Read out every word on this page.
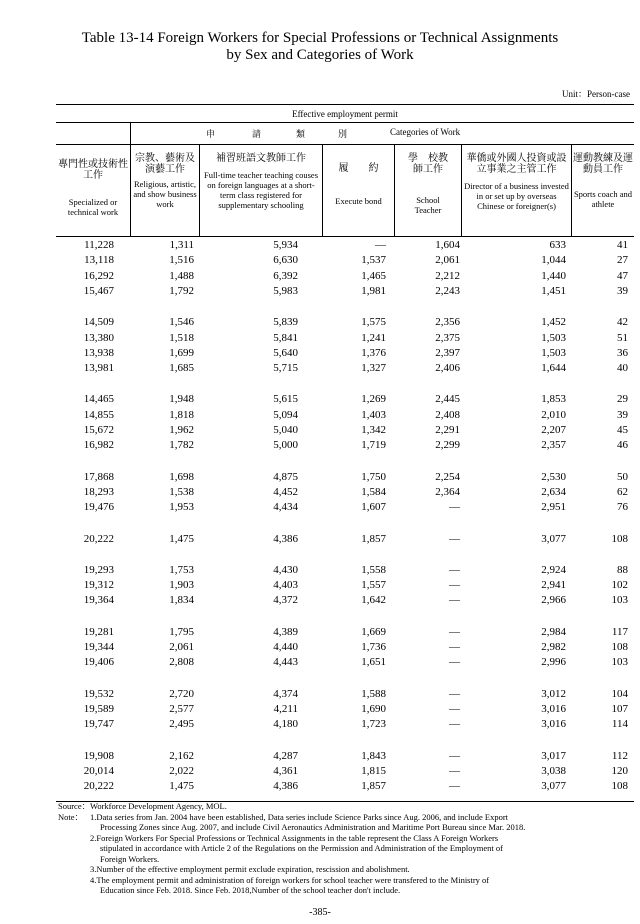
Table 13-14 Foreign Workers for Special Professions or Technical Assignments
by Sex and Categories of Work
Unit：Person-case
Effective employment permit
申	請	類	別	Categories of Work
專門性或技術性工作
Specialized or technical work
宗教、藝術及演藝工作
Religious, artistic, and show business work
補習班語文教師工作
Full-time teacher teaching couses on foreign languages at a short-term class registered for supplementary schooling
履　　約
Execute bond
學　校教師工作
School Teacher
華僑或外國人投資或設立事業之主管工作
Director of a business invested in or set up by overseas Chinese or foreigner(s)
運動教練及運動員工作
Sports coach and athlete
11,228	1,311	5,934	—	1,604	633	41
13,118	1,516	6,630	1,537	2,061	1,044	27
16,292	1,488	6,392	1,465	2,212	1,440	47
15,467	1,792	5,983	1,981	2,243	1,451	39
14,509	1,546	5,839	1,575	2,356	1,452	42
13,380	1,518	5,841	1,241	2,375	1,503	51
13,938	1,699	5,640	1,376	2,397	1,503	36
13,981	1,685	5,715	1,327	2,406	1,644	40
14,465	1,948	5,615	1,269	2,445	1,853	29
14,855	1,818	5,094	1,403	2,408	2,010	39
15,672	1,962	5,040	1,342	2,291	2,207	45
16,982	1,782	5,000	1,719	2,299	2,357	46
17,868	1,698	4,875	1,750	2,254	2,530	50
18,293	1,538	4,452	1,584	2,364	2,634	62
19,476	1,953	4,434	1,607	—	2,951	76
20,222	1,475	4,386	1,857	—	3,077	108
19,293	1,753	4,430	1,558	—	2,924	88
19,312	1,903	4,403	1,557	—	2,941	102
19,364	1,834	4,372	1,642	—	2,966	103
19,281	1,795	4,389	1,669	—	2,984	117
19,344	2,061	4,440	1,736	—	2,982	108
19,406	2,808	4,443	1,651	—	2,996	103
19,532	2,720	4,374	1,588	—	3,012	104
19,589	2,577	4,211	1,690	—	3,016	107
19,747	2,495	4,180	1,723	—	3,016	114
19,908	2,162	4,287	1,843	—	3,017	112
20,014	2,022	4,361	1,815	—	3,038	120
20,222	1,475	4,386	1,857	—	3,077	108
Source： Workforce Development Agency, MOL.
Note： 1.Data series from Jan. 2004 have been established, Data series include Science Parks since Aug. 2006, and include Export
Processing Zones since Aug. 2007, and include Civil Aeronautics Administration and Maritime Port Bureau since Mar. 2018.
2.Foreign Workers For Special Professions or Technical Assignments in the table represent the Class A Foreign Workers
stipulated in accordance with Article 2 of the Regulations on the Permission and Administration of the Employment of
Foreign Workers.
3.Number of the effective employment permit exclude expiration, rescission and abolishment.
4.The employment permit and administration of foreign workers for school teacher were transfered to the Ministry of
Education since Feb. 2018. Since Feb. 2018,Number of the school teacher don't include.
-385-
